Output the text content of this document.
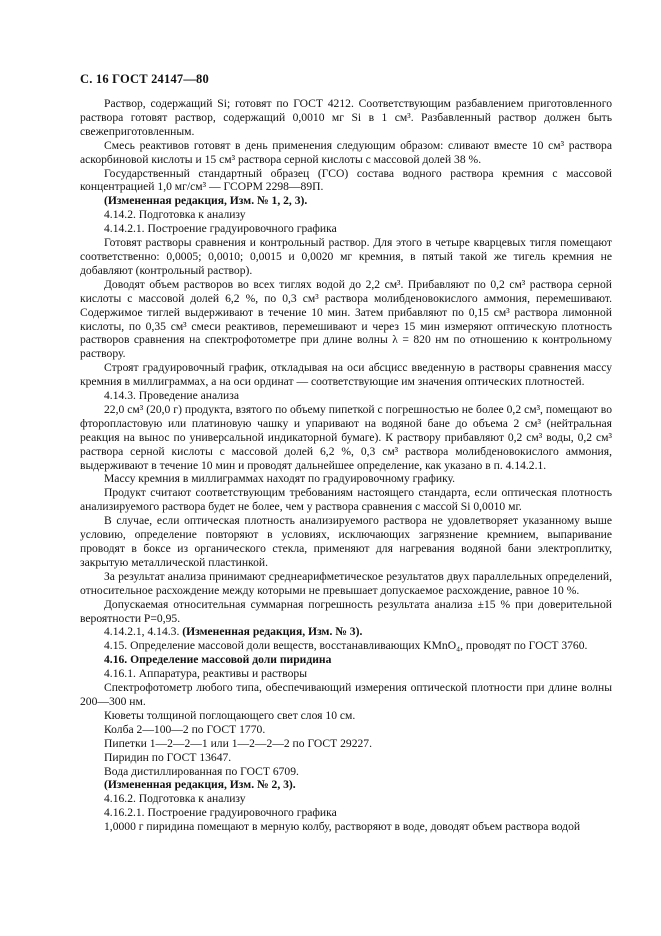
С. 16 ГОСТ 24147—80

Раствор, содержащий Si; готовят по ГОСТ 4212. Соответствующим разбавлением приготовленного раствора готовят раствор, содержащий 0,0010 мг Si в 1 см³. Разбавленный раствор должен быть свежеприготовленным.

Смесь реактивов готовят в день применения следующим образом: сливают вместе 10 см³ раствора аскорбиновой кислоты и 15 см³ раствора серной кислоты с массовой долей 38 %.

Государственный стандартный образец (ГСО) состава водного раствора кремния с массовой концентрацией 1,0 мг/см³ — ГСОРМ 2298—89П.

(Измененная редакция, Изм. № 1, 2, 3).

4.14.2. Подготовка к анализу

4.14.2.1. Построение градуировочного графика

Готовят растворы сравнения и контрольный раствор. Для этого в четыре кварцевых тигля помещают соответственно: 0,0005; 0,0010; 0,0015 и 0,0020 мг кремния, в пятый такой же тигель кремния не добавляют (контрольный раствор).

Доводят объем растворов во всех тиглях водой до 2,2 см³. Прибавляют по 0,2 см³ раствора серной кислоты с массовой долей 6,2 %, по 0,3 см³ раствора молибденовокислого аммония, перемешивают. Содержимое тиглей выдерживают в течение 10 мин. Затем прибавляют по 0,15 см³ раствора лимонной кислоты, по 0,35 см³ смеси реактивов, перемешивают и через 15 мин измеряют оптическую плотность растворов сравнения на спектрофотометре при длине волны λ = 820 нм по отношению к контрольному раствору.

Строят градуировочный график, откладывая на оси абсцисс введенную в растворы сравнения массу кремния в миллиграммах, а на оси ординат — соответствующие им значения оптических плотностей.

4.14.3. Проведение анализа

22,0 см³ (20,0 г) продукта, взятого по объему пипеткой с погрешностью не более 0,2 см³, помещают во фторопластовую или платиновую чашку и упаривают на водяной бане до объема 2 см³ (нейтральная реакция на вынос по универсальной индикаторной бумаге). К раствору прибавляют 0,2 см³ воды, 0,2 см³ раствора серной кислоты с массовой долей 6,2 %, 0,3 см³ раствора молибденовокислого аммония, выдерживают в течение 10 мин и проводят дальнейшее определение, как указано в п. 4.14.2.1.

Массу кремния в миллиграммах находят по градуировочному графику.

Продукт считают соответствующим требованиям настоящего стандарта, если оптическая плотность анализируемого раствора будет не более, чем у раствора сравнения с массой Si 0,0010 мг.

В случае, если оптическая плотность анализируемого раствора не удовлетворяет указанному выше условию, определение повторяют в условиях, исключающих загрязнение кремнием, выпаривание проводят в боксе из органического стекла, применяют для нагревания водяной бани электроплитку, закрытую металлической пластинкой.

За результат анализа принимают среднеарифметическое результатов двух параллельных определений, относительное расхождение между которыми не превышает допускаемое расхождение, равное 10 %.

Допускаемая относительная суммарная погрешность результата анализа ±15 % при доверительной вероятности P=0,95.

4.14.2.1, 4.14.3. (Измененная редакция, Изм. № 3).

4.15. Определение массовой доли веществ, восстанавливающих KMnO₄, проводят по ГОСТ 3760.

4.16. Определение массовой доли пиридина

4.16.1. Аппаратура, реактивы и растворы

Спектрофотометр любого типа, обеспечивающий измерения оптической плотности при длине волны 200—300 нм.

Кюветы толщиной поглощающего свет слоя 10 см.

Колба 2—100—2 по ГОСТ 1770.

Пипетки 1—2—2—1 или 1—2—2—2 по ГОСТ 29227.

Пиридин по ГОСТ 13647.

Вода дистиллированная по ГОСТ 6709.

(Измененная редакция, Изм. № 2, 3).

4.16.2. Подготовка к анализу

4.16.2.1. Построение градуировочного графика

1,0000 г пиридина помещают в мерную колбу, растворяют в воде, доводят объем раствора водой
